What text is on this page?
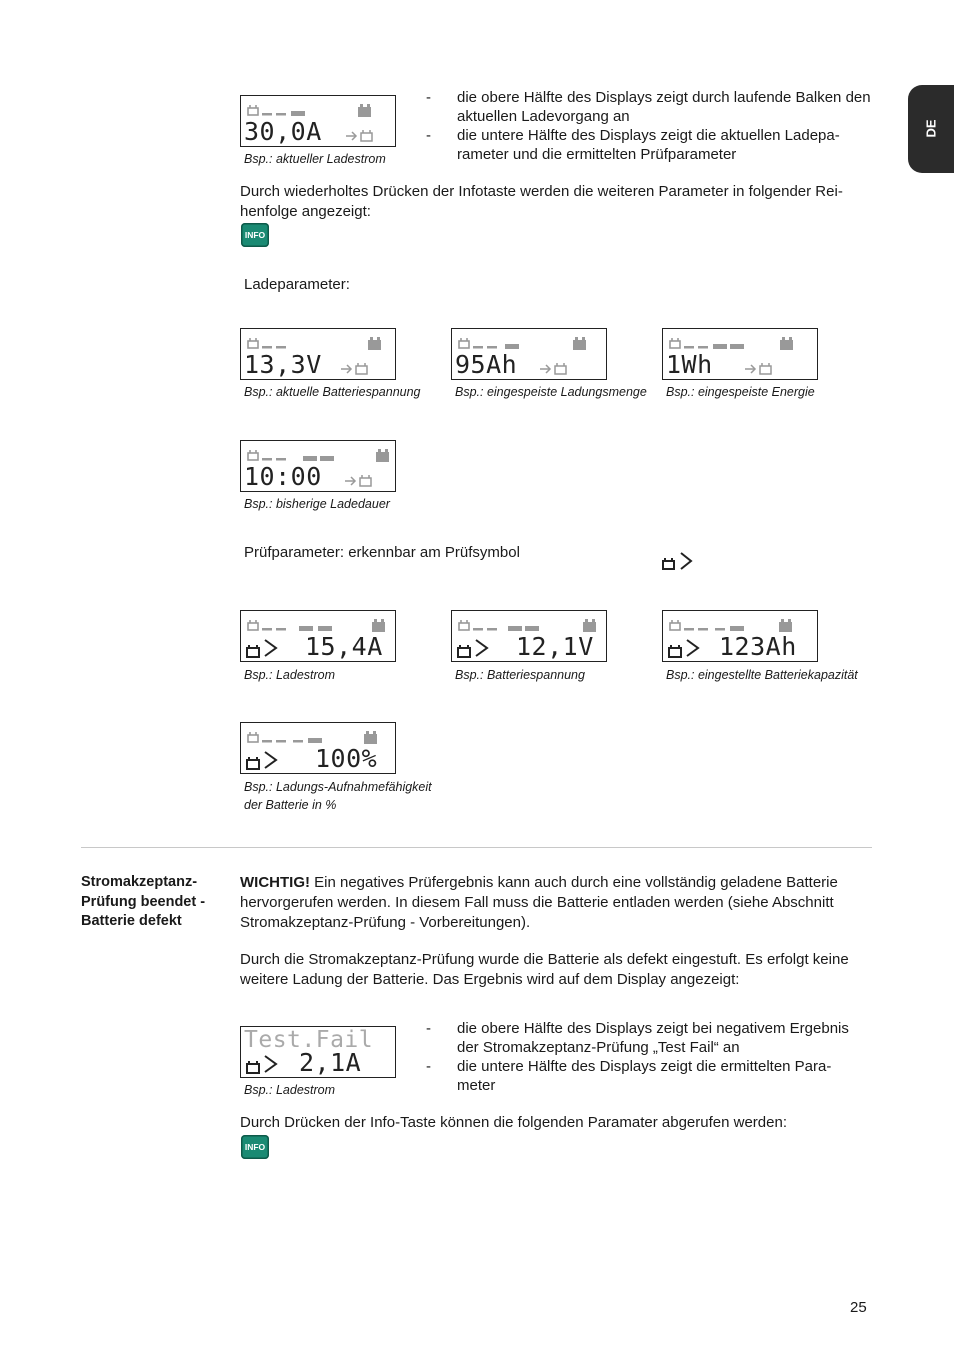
DE
30,0A
Bsp.: aktueller Ladestrom
- die obere Hälfte des Displays zeigt durch laufende Balken den aktuellen Ladevorgang an
- die untere Hälfte des Displays zeigt die aktuellen Ladeparameter und die ermittelten Prüfparameter

Durch wiederholtes Drücken der Infotaste werden die weiteren Parameter in folgender Reihenfolge angezeigt:

INFO

Ladeparameter:

13,3V
Bsp.: aktuelle Batteriespannung
95Ah
Bsp.: eingespeiste Ladungsmenge
1Wh
Bsp.: eingespeiste Energie
10:00
Bsp.: bisherige Ladedauer

Prüfparameter: erkennbar am Prüfsymbol

15,4A
Bsp.: Ladestrom
12,1V
Bsp.: Batteriespannung
123Ah
Bsp.: eingestellte Batteriekapazität
100%
Bsp.: Ladungs-Aufnahmefähigkeit der Batterie in %
Stromakzeptanz-Prüfung beendet - Batterie defekt

WICHTIG! Ein negatives Prüfergebnis kann auch durch eine vollständig geladene Batterie hervorgerufen werden. In diesem Fall muss die Batterie entladen werden (siehe Abschnitt Stromakzeptanz-Prüfung - Vorbereitungen).

Durch die Stromakzeptanz-Prüfung wurde die Batterie als defekt eingestuft. Es erfolgt keine weitere Ladung der Batterie. Das Ergebnis wird auf dem Display angezeigt:

Test.Fail
2,1A
Bsp.: Ladestrom
- die obere Hälfte des Displays zeigt bei negativem Ergebnis der Stromakzeptanz-Prüfung „Test Fail“ an
- die untere Hälfte des Displays zeigt die ermittelten Parameter

Durch Drücken der Info-Taste können die folgenden Paramater abgerufen werden:

INFO
25
